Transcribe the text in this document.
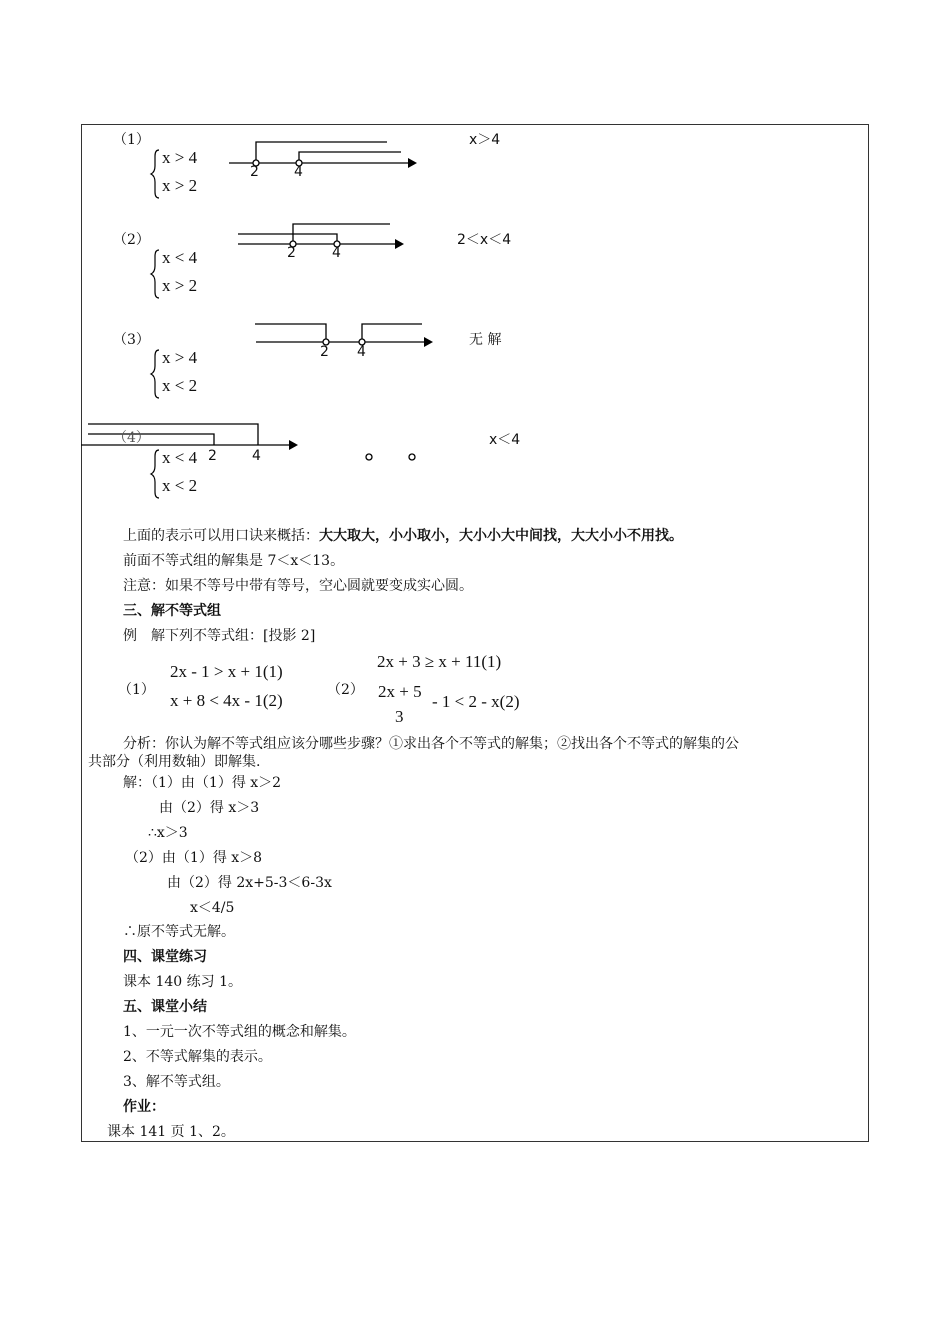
（1）
x > 4
x > 2
2	4
x＞4
（2）
x < 4
x > 2
2	4
2＜x＜4
（3）
x > 4
x < 2
2 4
无 解
（4）
x < 4
x < 2
2	4
x＜4
上面的表示可以用口诀来概括：大大取大，小小取小，大小小大中间找，大大小小不用找。
前面不等式组的解集是 7＜x＜13。
注意：如果不等号中带有等号，空心圆就要变成实心圆。
三、解不等式组
例　解下列不等式组：[投影 2]
（1）
2x - 1 > x + 1(1)
x + 8 < 4x - 1(2)
（2）
2x + 3 ≥ x + 11(1)
2x + 5
3
- 1 < 2 - x(2)
分析：你认为解不等式组应该分哪些步骤？①求出各个不等式的解集；②找出各个不等式的解集的公
共部分（利用数轴）即解集.
解：（1）由（1）得 x＞2
由（2）得 x＞3
∴x＞3
（2）由（1）得 x＞8
由（2）得 2x+5-3＜6-3x
x＜4/5
∴原不等式无解。
四、课堂练习
课本 140 练习 1。
五、课堂小结
1、一元一次不等式组的概念和解集。
2、不等式解集的表示。
3、解不等式组。
作业：
课本 141 页 1、2。
